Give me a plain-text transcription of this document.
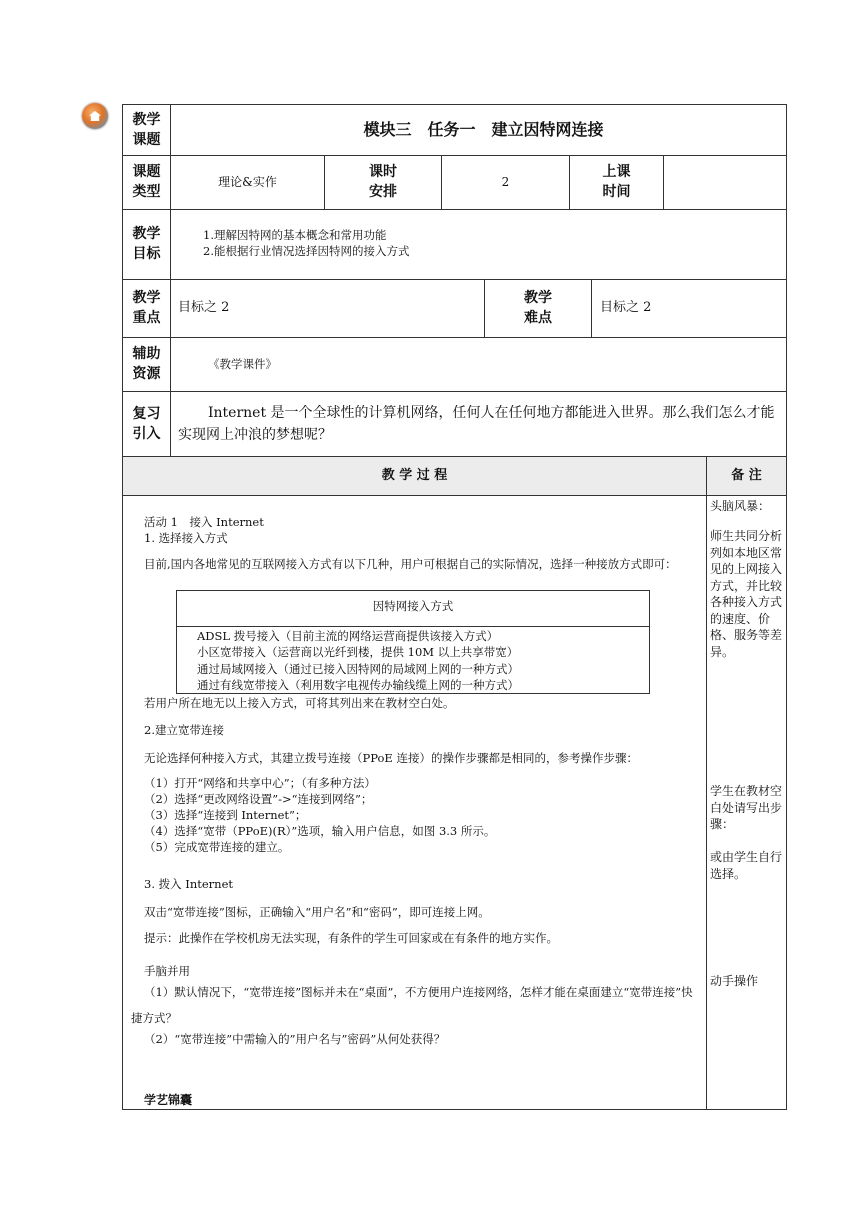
教学
课题
模块三　任务一　建立因特网连接
课题
类型
理论&实作
课时
安排
2
上课
时间
教学
目标
1.理解因特网的基本概念和常用功能
2.能根据行业情况选择因特网的接入方式
教学
重点
目标之 2
教学
难点
目标之 2
辅助
资源
《教学课件》
复习
引入
Internet 是一个全球性的计算机网络，任何人在任何地方都能进入世界。那么我们怎么才能实现网上冲浪的梦想呢？
教 学 过 程	备 注
活动 1　接入 Internet
1. 选择接入方式
目前,国内各地常见的互联网接入方式有以下几种，用户可根据自己的实际情况，选择一种接放方式即可：
因特网接入方式
ADSL 拨号接入（目前主流的网络运营商提供该接入方式）
小区宽带接入（运营商以光纤到楼，提供 10M 以上共享带宽）
通过局域网接入（通过已接入因特网的局域网上网的一种方式）
通过有线宽带接入（利用数字电视传办输线缆上网的一种方式）
若用户所在地无以上接入方式，可将其列出来在教材空白处。
2.建立宽带连接
无论选择何种接入方式，其建立拨号连接（PPoE 连接）的操作步骤都是相同的，参考操作步骤：
（1）打开“网络和共享中心”；（有多种方法）
（2）选择“更改网络设置”->“连接到网络”；
（3）选择“连接到 Internet”；
（4）选择“宽带（PPoE)(R）”选项，输入用户信息，如图 3.3 所示。
（5）完成宽带连接的建立。
3. 拨入 Internet
双击“宽带连接”图标，正确输入“用户名”和“密码”，即可连接上网。
提示：此操作在学校机房无法实现，有条件的学生可回家或在有条件的地方实作。
手脑并用
（1）默认情况下，“宽带连接”图标并未在“桌面”，不方便用户连接网络，怎样才能在桌面建立“宽带连接”快捷方式？
（2）“宽带连接”中需输入的”用户名与”密码”从何处获得？
学艺锦囊
头脑风暴：
师生共同分析列如本地区常见的上网接入方式，并比较各种接入方式的速度、价格、服务等差异。
学生在教材空白处请写出步骤：
或由学生自行选择。
动手操作
